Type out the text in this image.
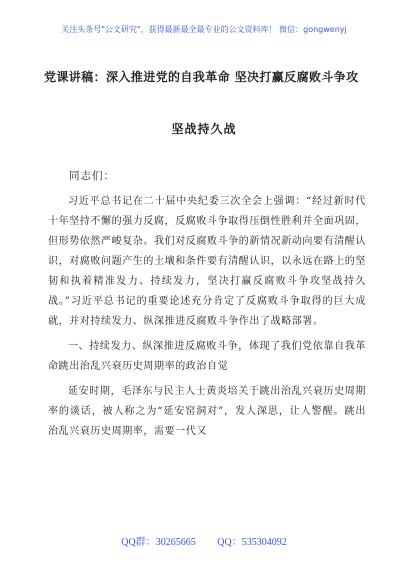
关注头条号"公文研究"，获得最新最全最专业的公文资料库！ 微信：gongwenyj
党课讲稿：深入推进党的自我革命 坚决打赢反腐败斗争攻
坚战持久战
同志们：

习近平总书记在二十届中央纪委三次全会上强调：“经过新时代十年坚持不懈的强力反腐，反腐败斗争取得压倒性胜利并全面巩固，但形势依然严峻复杂。我们对反腐败斗争的新情况新动向要有清醒认识，对腐败问题产生的土壤和条件要有清醒认识，以永远在路上的坚韧和执着精准发力、持续发力，坚决打赢反腐败斗争攻坚战持久战。”习近平总书记的重要论述充分肯定了反腐败斗争取得的巨大成就，并对持续发力、纵深推进反腐败斗争作出了战略部署。

一、持续发力、纵深推进反腐败斗争，体现了我们党依靠自我革命跳出治乱兴衰历史周期率的政治自觉

延安时期，毛泽东与民主人士黄炎培关于跳出治乱兴衰历史周期率的谈话，被人称之为“延安窑洞对”，发人深思，让人警醒。跳出治乱兴衰历史周期率，需要一代又

QQ群：30265665 QQ：535304092
